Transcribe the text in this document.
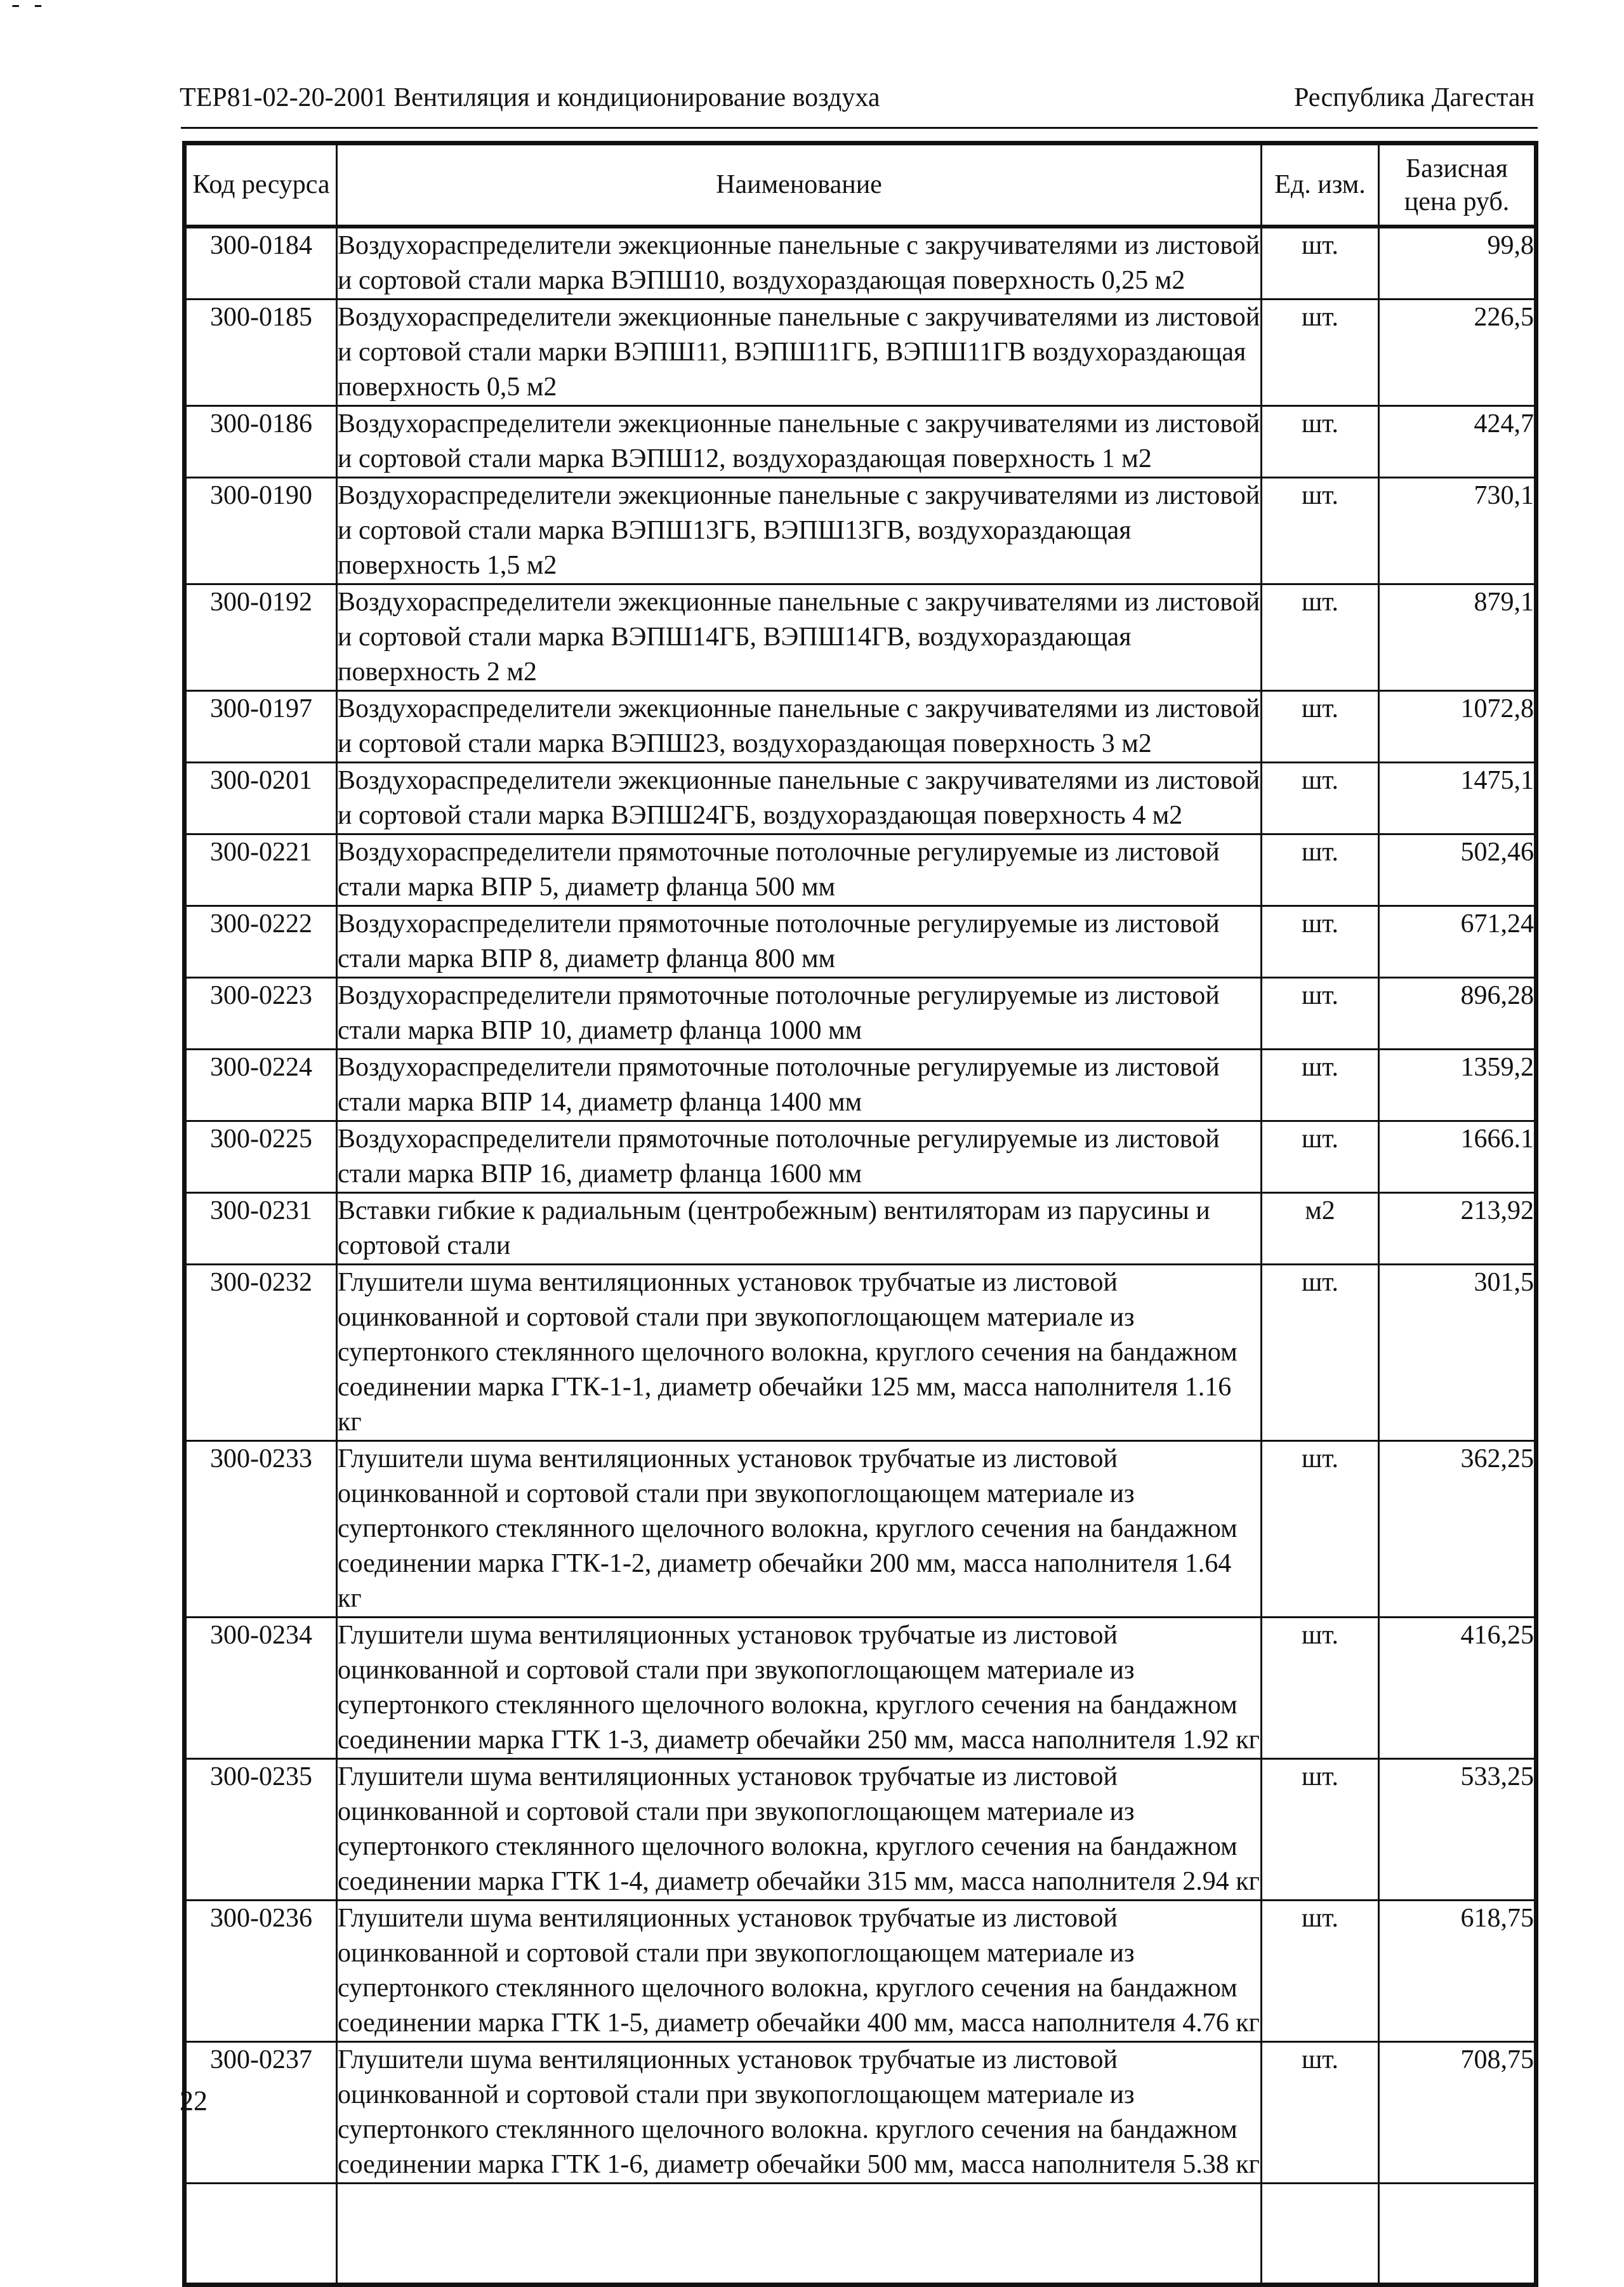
- -
ТЕР81-02-20-2001 Вентиляция и кондиционирование воздуха	Республика Дагестан
Код ресурса	Наименование	Ед. изм.	Базисная цена руб.
300-0184	Воздухораспределители эжекционные панельные с закручивателями из листовой и сортовой стали марка ВЭПШ10, воздухораздающая поверхность 0,25 м2	шт.	99,8
300-0185	Воздухораспределители эжекционные панельные с закручивателями из листовой и сортовой стали марки ВЭПШ11, ВЭПШ11ГБ, ВЭПШ11ГВ воздухораздающая поверхность 0,5 м2	шт.	226,5
300-0186	Воздухораспределители эжекционные панельные с закручивателями из листовой и сортовой стали марка ВЭПШ12, воздухораздающая поверхность 1 м2	шт.	424,7
300-0190	Воздухораспределители эжекционные панельные с закручивателями из листовой и сортовой стали марка ВЭПШ13ГБ, ВЭПШ13ГВ, воздухораздающая поверхность 1,5 м2	шт.	730,1
300-0192	Воздухораспределители эжекционные панельные с закручивателями из листовой и сортовой стали марка ВЭПШ14ГБ, ВЭПШ14ГВ, воздухораздающая поверхность 2 м2	шт.	879,1
300-0197	Воздухораспределители эжекционные панельные с закручивателями из листовой и сортовой стали марка ВЭПШ23, воздухораздающая поверхность 3 м2	шт.	1072,8
300-0201	Воздухораспределители эжекционные панельные с закручивателями из листовой и сортовой стали марка ВЭПШ24ГБ, воздухораздающая поверхность 4 м2	шт.	1475,1
300-0221	Воздухораспределители прямоточные потолочные регулируемые из листовой стали марка ВПР 5, диаметр фланца 500 мм	шт.	502,46
300-0222	Воздухораспределители прямоточные потолочные регулируемые из листовой стали марка ВПР 8, диаметр фланца 800 мм	шт.	671,24
300-0223	Воздухораспределители прямоточные потолочные регулируемые из листовой стали марка ВПР 10, диаметр фланца 1000 мм	шт.	896,28
300-0224	Воздухораспределители прямоточные потолочные регулируемые из листовой стали марка ВПР 14, диаметр фланца 1400 мм	шт.	1359,2
300-0225	Воздухораспределители прямоточные потолочные регулируемые из листовой стали марка ВПР 16, диаметр фланца 1600 мм	шт.	1666.1
300-0231	Вставки гибкие к радиальным (центробежным) вентиляторам из парусины и сортовой стали	м2	213,92
300-0232	Глушители шума вентиляционных установок трубчатые из листовой оцинкованной и сортовой стали при звукопоглощающем материале из супертонкого стеклянного щелочного волокна, круглого сечения на бандажном соединении марка ГТК-1-1, диаметр обечайки 125 мм, масса наполнителя 1.16 кг	шт.	301,5
300-0233	Глушители шума вентиляционных установок трубчатые из листовой оцинкованной и сортовой стали при звукопоглощающем материале из супертонкого стеклянного щелочного волокна, круглого сечения на бандажном соединении марка ГТК-1-2, диаметр обечайки 200 мм, масса наполнителя 1.64 кг	шт.	362,25
300-0234	Глушители шума вентиляционных установок трубчатые из листовой оцинкованной и сортовой стали при звукопоглощающем материале из супертонкого стеклянного щелочного волокна, круглого сечения на бандажном соединении марка ГТК 1-3, диаметр обечайки 250 мм, масса наполнителя 1.92 кг	шт.	416,25
300-0235	Глушители шума вентиляционных установок трубчатые из листовой оцинкованной и сортовой стали при звукопоглощающем материале из супертонкого стеклянного щелочного волокна, круглого сечения на бандажном соединении марка ГТК 1-4, диаметр обечайки 315 мм, масса наполнителя 2.94 кг	шт.	533,25
300-0236	Глушители шума вентиляционных установок трубчатые из листовой оцинкованной и сортовой стали при звукопоглощающем материале из супертонкого стеклянного щелочного волокна, круглого сечения на бандажном соединении марка ГТК 1-5, диаметр обечайки 400 мм, масса наполнителя 4.76 кг	шт.	618,75
300-0237	Глушители шума вентиляционных установок трубчатые из листовой оцинкованной и сортовой стали при звукопоглощающем материале из супертонкого стеклянного щелочного волокна. круглого сечения на бандажном соединении марка ГТК 1-6, диаметр обечайки 500 мм, масса наполнителя 5.38 кг	шт.	708,75

22
